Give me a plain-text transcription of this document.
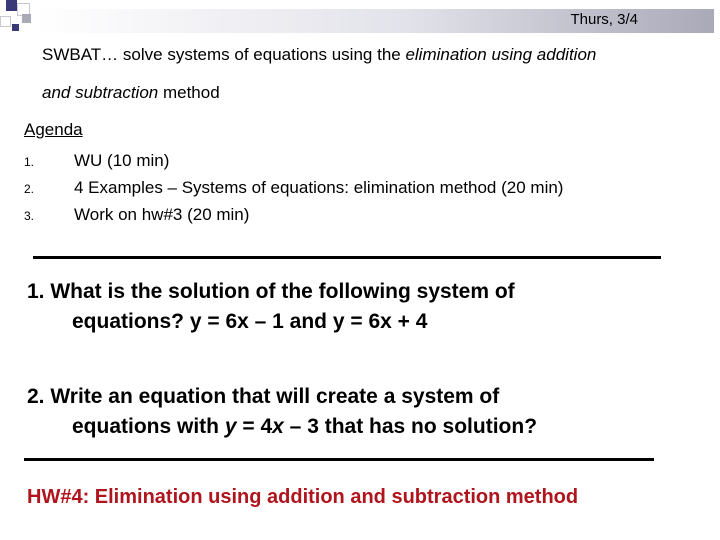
Thurs, 3/4
SWBAT… solve systems of equations using the elimination using addition
and subtraction method
Agenda
1. WU (10 min)
2. 4 Examples – Systems of equations: elimination method (20 min)
3. Work on hw#3 (20 min)
1. What is the solution of the following system of
equations? y = 6x – 1 and y = 6x + 4
2. Write an equation that will create a system of
equations with y = 4x – 3 that has no solution?
HW#4: Elimination using addition and subtraction method
